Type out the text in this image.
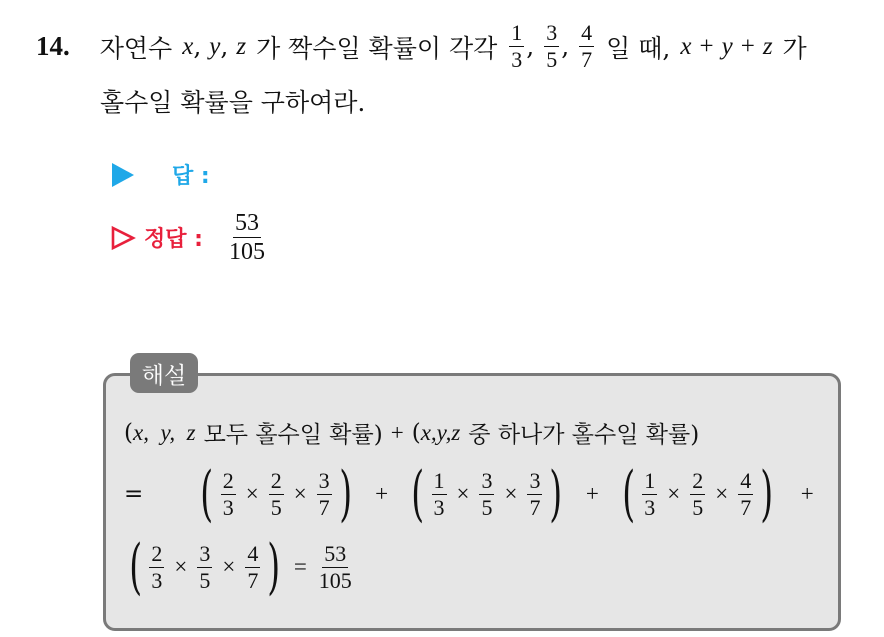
14. 자연수 x , y , z 가 짝수일 확률이 각각 $\frac{1}{3}$ , $\frac{3}{5}$ , $\frac{4}{7}$ 일 때, x + y + z 가
홀수일 확률을 구하여라.
답 :
정답 : $\frac{53}{105}$
해설
( x,  y,  z 모두 홀수일 확률) + ( x,y,z 중 하나가 홀수일 확률)
= ( $\frac{2}{3} \times \frac{2}{5} \times \frac{3}{7}$ ) + ( $\frac{1}{3} \times \frac{3}{5} \times \frac{3}{7}$ ) + ( $\frac{1}{3} \times \frac{2}{5} \times \frac{4}{7}$ ) +
( $\frac{2}{3} \times \frac{3}{5} \times \frac{4}{7}$ ) = $\frac{53}{105}$
